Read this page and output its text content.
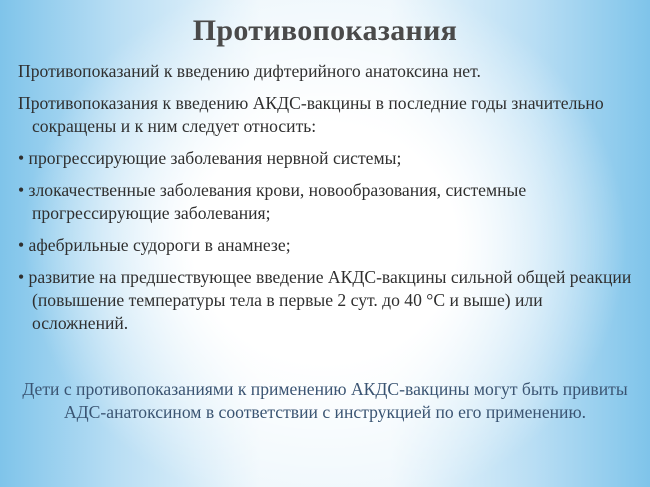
Противопоказания

Противопоказаний к введению дифтерийного анатоксина нет.

Противопоказания к введению АКДС-вакцины в последние годы значительно сокращены и к ним следует относить:

• прогрессирующие заболевания нервной системы;

• злокачественные заболевания крови, новообразования, системные прогрессирующие заболевания;

• афебрильные судороги в анамнезе;

• развитие на предшествующее введение АКДС-вакцины сильной общей реакции (повышение температуры тела в первые 2 сут. до 40 °С и выше) или осложнений.

Дети с противопоказаниями к применению АКДС-вакцины могут быть привиты АДС-анатоксином в соответствии с инструкцией по его применению.
